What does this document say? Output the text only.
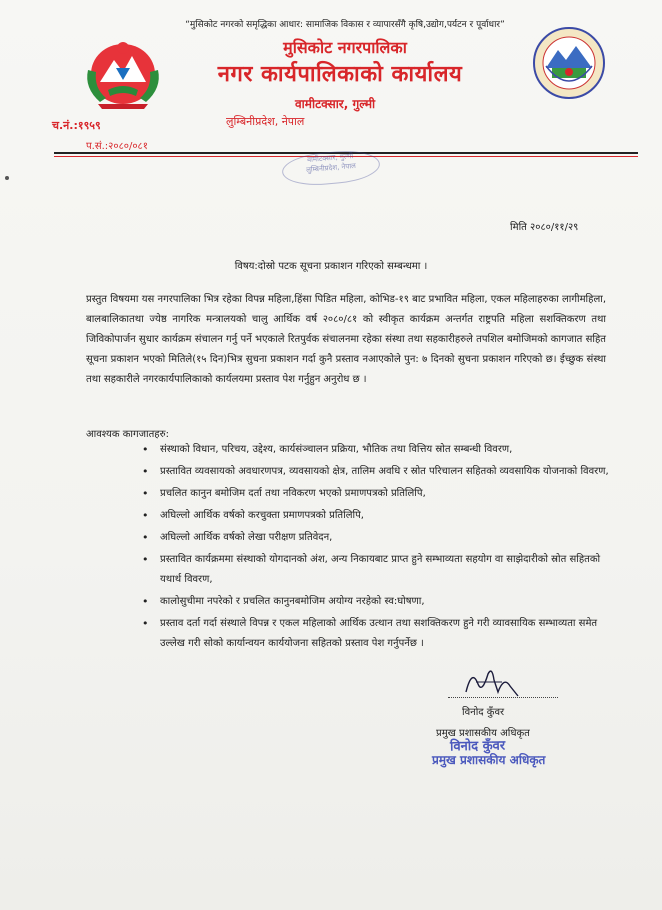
“मुसिकोट नगरको समृद्धिका आधार: सामाजिक विकास र व्यापारसँगै कृषि,उद्योग,पर्यटन र पूर्वाधार”
मुसिकोट नगरपालिका
नगर कार्यपालिकाको कार्यालय
वामीटक्सार, गुल्मी
लुम्बिनीप्रदेश, नेपाल
च.नं.:१९५९
प.सं.:२०८०/०८१
वामीटक्सार, गुल्मी
लुम्बिनीप्रदेश, नेपाल
मिति २०८०/११/२९
विषय:दोस्रो पटक सूचना प्रकाशन गरिएको सम्बन्धमा ।
प्रस्तुत विषयमा यस नगरपालिका भित्र रहेका विपन्न महिला,हिंसा पिडित महिला, कोभिड-१९ बाट प्रभावित महिला, एकल महिलाहरुका लागीमहिला, बालबालिकातथा ज्येष्ठ नागरिक मन्त्रालयको चालु आर्थिक वर्ष २०८०/८१ को स्वीकृत कार्यक्रम अन्तर्गत राष्ट्रपति महिला सशक्तिकरण तथा जिविकोपार्जन सुधार कार्यक्रम संचालन गर्नु पर्ने भएकाले रितपुर्वक संचालनमा रहेका संस्था तथा सहकारीहरुले तपशिल बमोजिमको कागजात सहित सूचना प्रकाशन भएको मितिले(१५ दिन)भित्र सुचना प्रकाशन गर्दा कुनै प्रस्ताव नआएकोले पुन: ७ दिनको सुचना प्रकाशन गरिएको छ। ईच्छुक संस्था तथा सहकारीले नगरकार्यपालिकाको कार्यलयमा प्रस्ताव पेश गर्नुहुन अनुरोध छ ।
आवश्यक कागजातहरु:
• संस्थाको विधान, परिचय, उद्देश्य, कार्यसंञ्चालन प्रक्रिया, भौतिक तथा वित्तिय स्रोत सम्बन्धी विवरण,
• प्रस्तावित व्यवसायको अवधारणपत्र, व्यवसायको क्षेत्र, तालिम अवधि र स्रोत परिचालन सहितको व्यवसायिक योजनाको विवरण,
• प्रचलित कानुन बमोजिम दर्ता तथा नविकरण भएको प्रमाणपत्रको प्रतिलिपि,
• अघिल्लो आर्थिक वर्षको करचुक्ता प्रमाणपत्रको प्रतिलिपि,
• अघिल्लो आर्थिक वर्षको लेखा परीक्षण प्रतिवेदन,
• प्रस्तावित कार्यक्रममा संस्थाको योगदानको अंश, अन्य निकायबाट प्राप्त हुने सम्भाव्यता सहयोग वा साझेदारीको स्रोत सहितको यथार्थ विवरण,
• कालोसुचीमा नपरेको र प्रचलित कानुनबमोजिम अयोग्य नरहेको स्व:घोषणा,
• प्रस्ताव दर्ता गर्दा संस्थाले विपन्न र एकल महिलाको आर्थिक उत्थान तथा सशक्तिकरण हुने गरी व्यावसायिक सम्भाव्यता समेत उल्लेख गरी सोको कार्यान्वयन कार्ययोजना सहितको प्रस्ताव पेश गर्नुपर्नेछ ।
विनोद कुँवर
प्रमुख प्रशासकीय अधिकृत
विनोद कुँवर
प्रमुख प्रशासकीय अधिकृत
